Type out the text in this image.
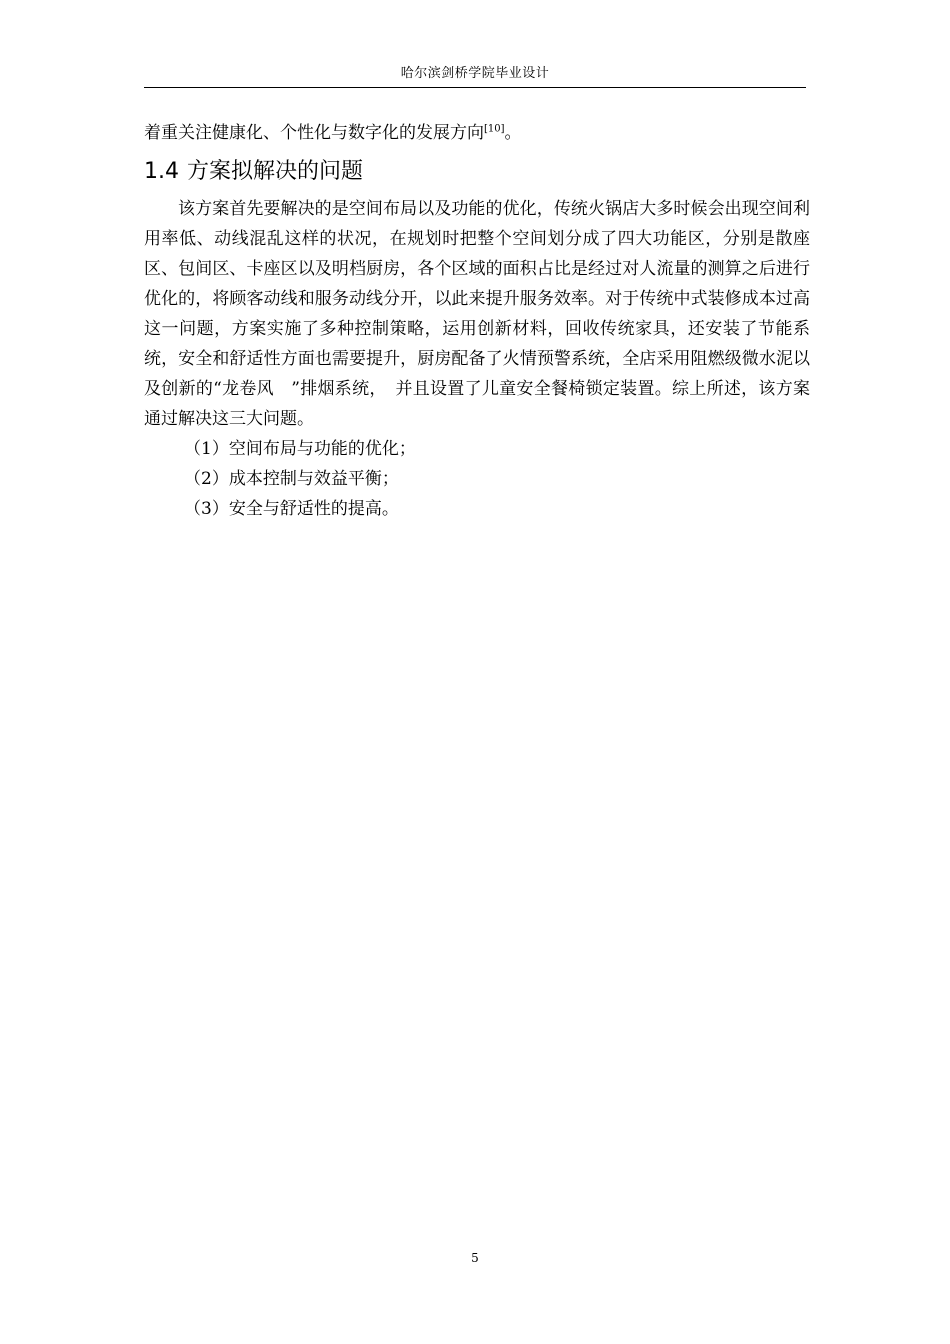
哈尔滨剑桥学院毕业设计

着重关注健康化、个性化与数字化的发展方向[10]。

1.4 方案拟解决的问题

该方案首先要解决的是空间布局以及功能的优化，传统火锅店大多时候会出现空间利用率低、动线混乱这样的状况，在规划时把整个空间划分成了四大功能区，分别是散座区、包间区、卡座区以及明档厨房，各个区域的面积占比是经过对人流量的测算之后进行优化的，将顾客动线和服务动线分开，以此来提升服务效率。对于传统中式装修成本过高这一问题，方案实施了多种控制策略，运用创新材料，回收传统家具，还安装了节能系统，安全和舒适性方面也需要提升，厨房配备了火情预警系统，全店采用阻燃级微水泥以及创新的“龙卷风　”排烟系统，　并且设置了儿童安全餐椅锁定装置。综上所述，该方案通过解决这三大问题。

（1）空间布局与功能的优化；

（2）成本控制与效益平衡；

（3）安全与舒适性的提高。

5
